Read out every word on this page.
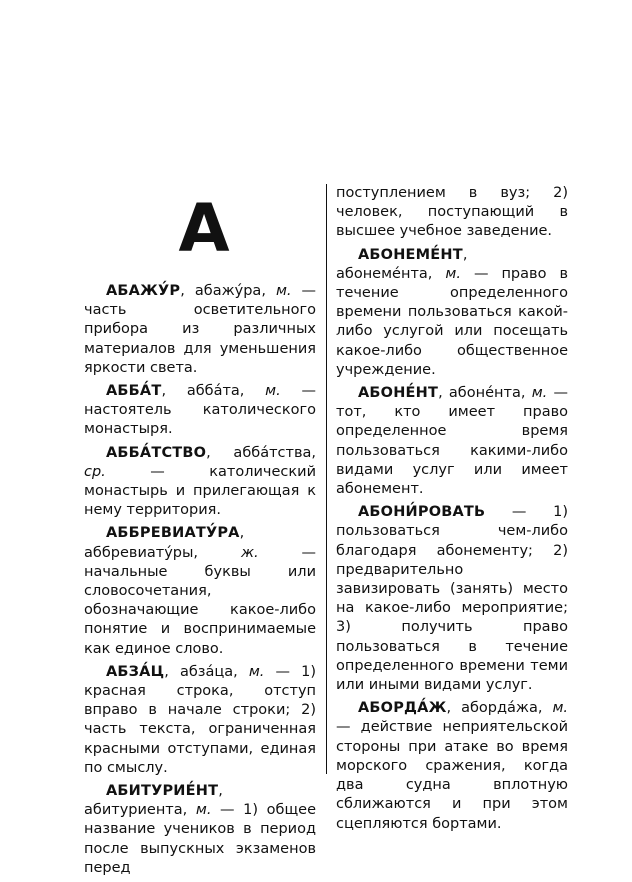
А

АБАЖУ́Р, абажу́ра, м. — часть осветительного прибора из различных материалов для уменьшения яркости света.

АББА́Т, абба́та, м. — настоятель католического монастыря.

АББА́ТСТВО, абба́тства, ср. — католический монастырь и прилегающая к нему территория.

АББРЕВИАТУ́РА, аббревиату́ры, ж. — начальные буквы или словосочетания, обозначающие какое-либо понятие и воспринимаемые как единое слово.

АБЗА́Ц, абза́ца, м. — 1) красная строка, отступ вправо в начале строки; 2) часть текста, ограниченная красными отступами, единая по смыслу.

АБИТУРИЕ́НТ, абитуриента, м. — 1) общее название учеников в период после выпускных экзаменов перед

поступлением в вуз; 2) человек, поступающий в высшее учебное заведение.

АБОНЕМЕ́НТ, абонеме́нта, м. — право в течение определенного времени пользоваться какой-либо услугой или посещать какое-либо общественное учреждение.

АБОНЕ́НТ, абоне́нта, м. — тот, кто имеет право определенное время пользоваться какими-либо видами услуг или имеет абонемент.

АБОНИ́РОВАТЬ — 1) пользоваться чем-либо благодаря абонементу; 2) предварительно завизировать (занять) место на какое-либо мероприятие; 3) получить право пользоваться в течение определенного времени теми или иными видами услуг.

АБОРДА́Ж, абордáжа, м. — действие неприятельской стороны при атаке во время морского сражения, когда два судна вплотную сближаются и при этом сцепляются бортами.
